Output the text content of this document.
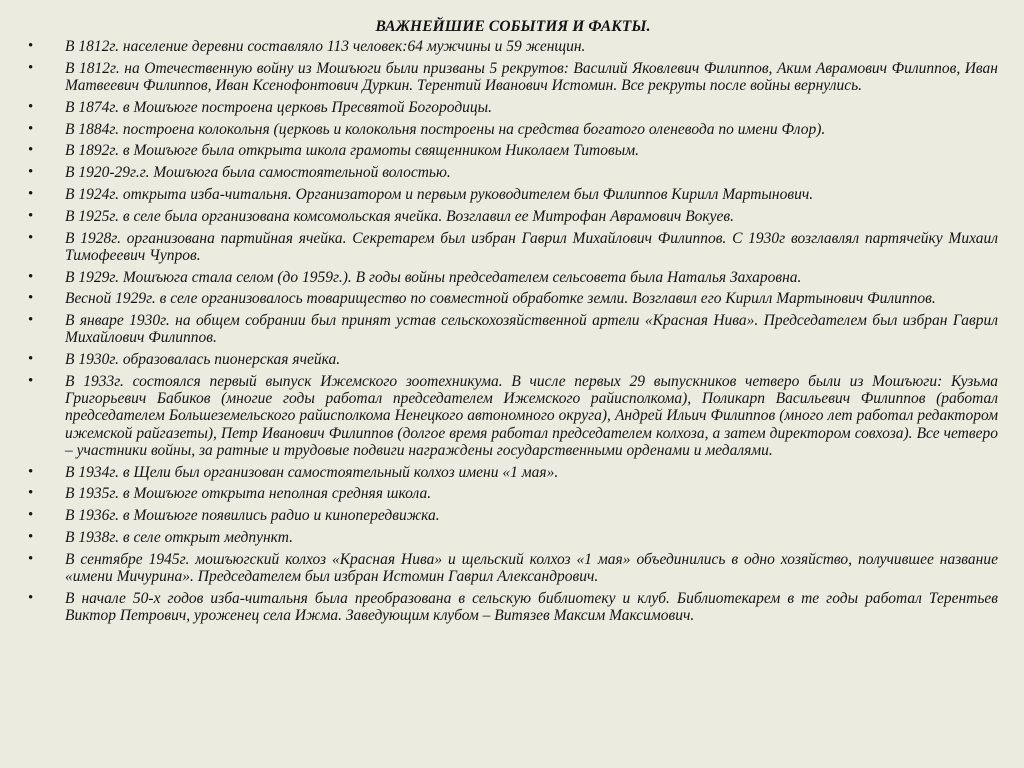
ВАЖНЕЙШИЕ СОБЫТИЯ И ФАКТЫ.
• В 1812г. население деревни составляло 113 человек:64 мужчины и 59 женщин.
• В 1812г. на Отечественную войну из Мошъюги были призваны 5 рекрутов: Василий Яковлевич Филиппов, Аким Аврамович Филиппов, Иван Матвеевич Филиппов, Иван Ксенофонтович Дуркин. Терентий Иванович Истомин. Все рекруты после войны вернулись.
• В 1874г. в Мошъюге построена церковь Пресвятой Богородицы.
• В 1884г. построена колокольня (церковь и колокольня построены на средства богатого оленевода по имени Флор).
• В 1892г. в Мошъюге была открыта школа грамоты священником Николаем Титовым.
• В 1920-29г.г. Мошъюга была самостоятельной волостью.
• В 1924г. открыта изба-читальня. Организатором и первым руководителем был Филиппов Кирилл Мартынович.
• В 1925г. в селе была организована комсомольская ячейка. Возглавил ее Митрофан Аврамович Вокуев.
• В 1928г. организована партийная ячейка. Секретарем был избран Гаврил Михайлович Филиппов. С 1930г возглавлял партячейку Михаил Тимофеевич Чупров.
• В 1929г. Мошъюга стала селом (до 1959г.). В годы войны председателем сельсовета была Наталья Захаровна.
• Весной 1929г. в селе организовалось товарищество по совместной обработке земли. Возглавил его Кирилл Мартынович Филиппов.
• В январе 1930г. на общем собрании был принят устав сельскохозяйственной артели «Красная Нива». Председателем был избран Гаврил Михайлович Филиппов.
• В 1930г. образовалась пионерская ячейка.
• В 1933г. состоялся первый выпуск Ижемского зоотехникума. В числе первых 29 выпускников четверо были из Мошъюги: Кузьма Григорьевич Бабиков (многие годы работал председателем Ижемского райисполкома), Поликарп Васильевич Филиппов (работал председателем Большеземельского райисполкома Ненецкого автономного округа), Андрей Ильич Филиппов (много лет работал редактором ижемской райгазеты), Петр Иванович Филиппов (долгое время работал председателем колхоза, а затем директором совхоза). Все четверо – участники войны, за ратные и трудовые подвиги награждены государственными орденами и медалями.
• В 1934г. в Щели был организован самостоятельный колхоз имени «1 мая».
• В 1935г. в Мошъюге открыта неполная средняя школа.
• В 1936г. в Мошъюге появились радио и кинопередвижка.
• В 1938г. в селе открыт медпункт.
• В сентябре 1945г. мошъюгский колхоз «Красная Нива» и щельский колхоз «1 мая» объединились в одно хозяйство, получившее название «имени Мичурина». Председателем был избран Истомин Гаврил Александрович.
• В начале 50-х годов изба-читальня была преобразована в сельскую библиотеку и клуб. Библиотекарем в те годы работал Терентьев Виктор Петрович, уроженец села Ижма. Заведующим клубом – Витязев Максим Максимович.
